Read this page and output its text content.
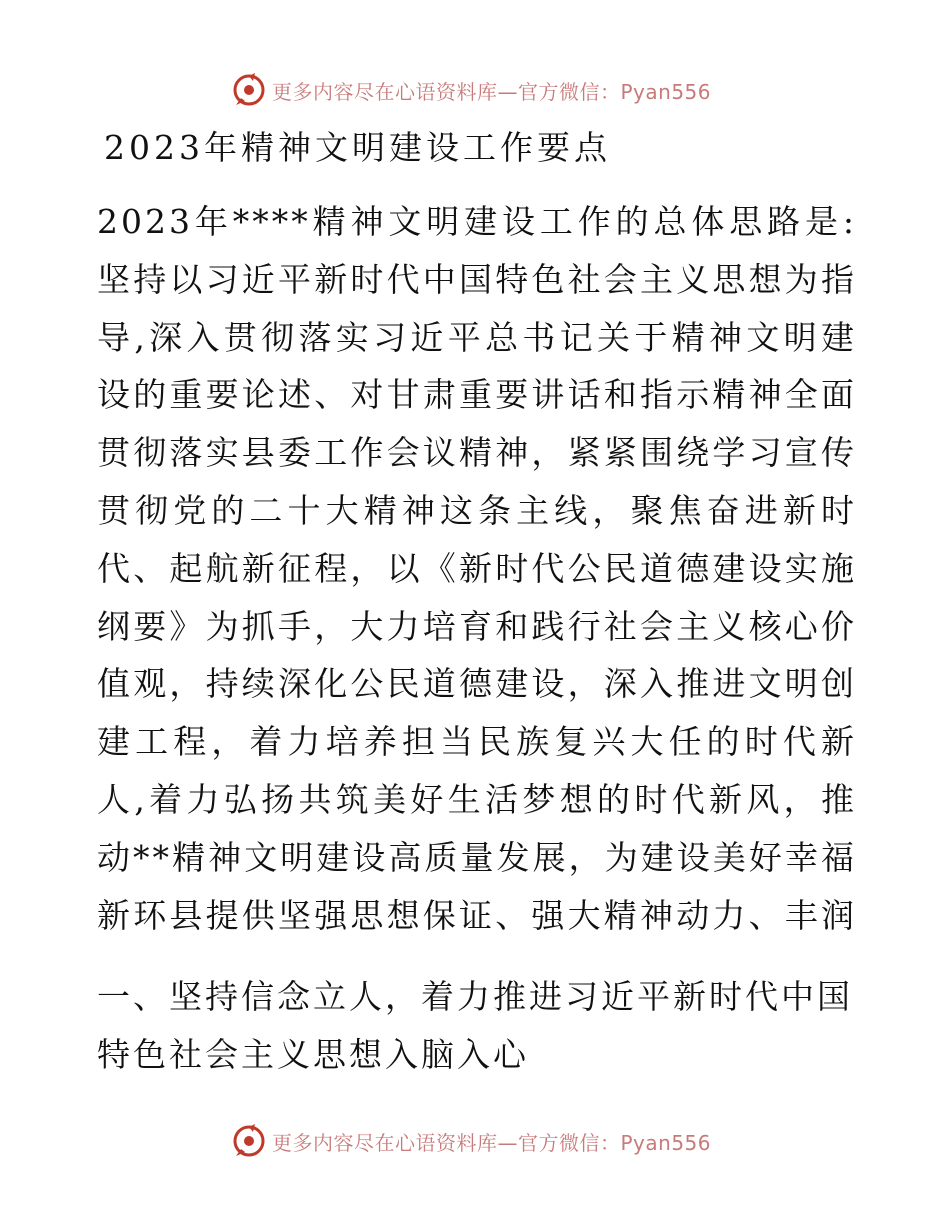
更多内容尽在心语资料库—官方微信：Pyan556
2023年精神文明建设工作要点
2023年****精神文明建设工作的总体思路是:坚持以习近平新时代中国特色社会主义思想为指导,深入贯彻落实习近平总书记关于精神文明建设的重要论述、对甘肃重要讲话和指示精神全面贯彻落实县委工作会议精神，紧紧围绕学习宣传贯彻党的二十大精神这条主线，聚焦奋进新时代、起航新征程，以《新时代公民道德建设实施纲要》为抓手，大力培育和践行社会主义核心价值观，持续深化公民道德建设，深入推进文明创建工程，着力培养担当民族复兴大任的时代新人,着力弘扬共筑美好生活梦想的时代新风，推动**精神文明建设高质量发展，为建设美好幸福新环县提供坚强思想保证、强大精神动力、丰润
一、坚持信念立人，着力推进习近平新时代中国特色社会主义思想入脑入心
更多内容尽在心语资料库—官方微信：Pyan556
